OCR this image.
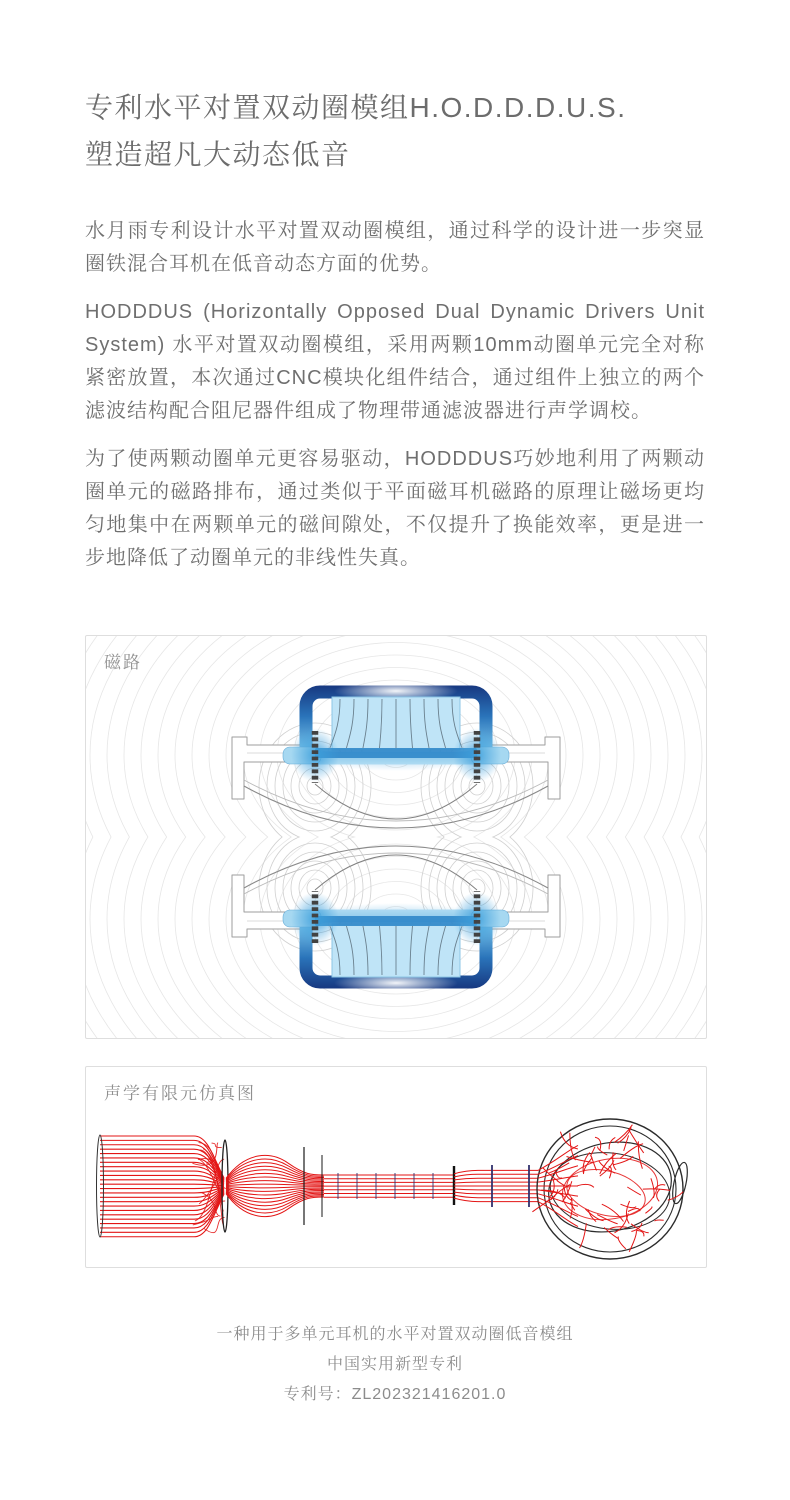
专利水平对置双动圈模组H.O.D.D.D.U.S.
塑造超凡大动态低音

水月雨专利设计水平对置双动圈模组，通过科学的设计进一步突显圈铁混合耳机在低音动态方面的优势。

HODDDUS (Horizontally Opposed Dual Dynamic Drivers Unit System) 水平对置双动圈模组，采用两颗10mm动圈单元完全对称紧密放置，本次通过CNC模块化组件结合，通过组件上独立的两个滤波结构配合阻尼器件组成了物理带通滤波器进行声学调校。

为了使两颗动圈单元更容易驱动，HODDDUS巧妙地利用了两颗动圈单元的磁路排布，通过类似于平面磁耳机磁路的原理让磁场更均匀地集中在两颗单元的磁间隙处，不仅提升了换能效率，更是进一步地降低了动圈单元的非线性失真。

磁路
声学有限元仿真图
一种用于多单元耳机的水平对置双动圈低音模组
中国实用新型专利
专利号：ZL202321416201.0
